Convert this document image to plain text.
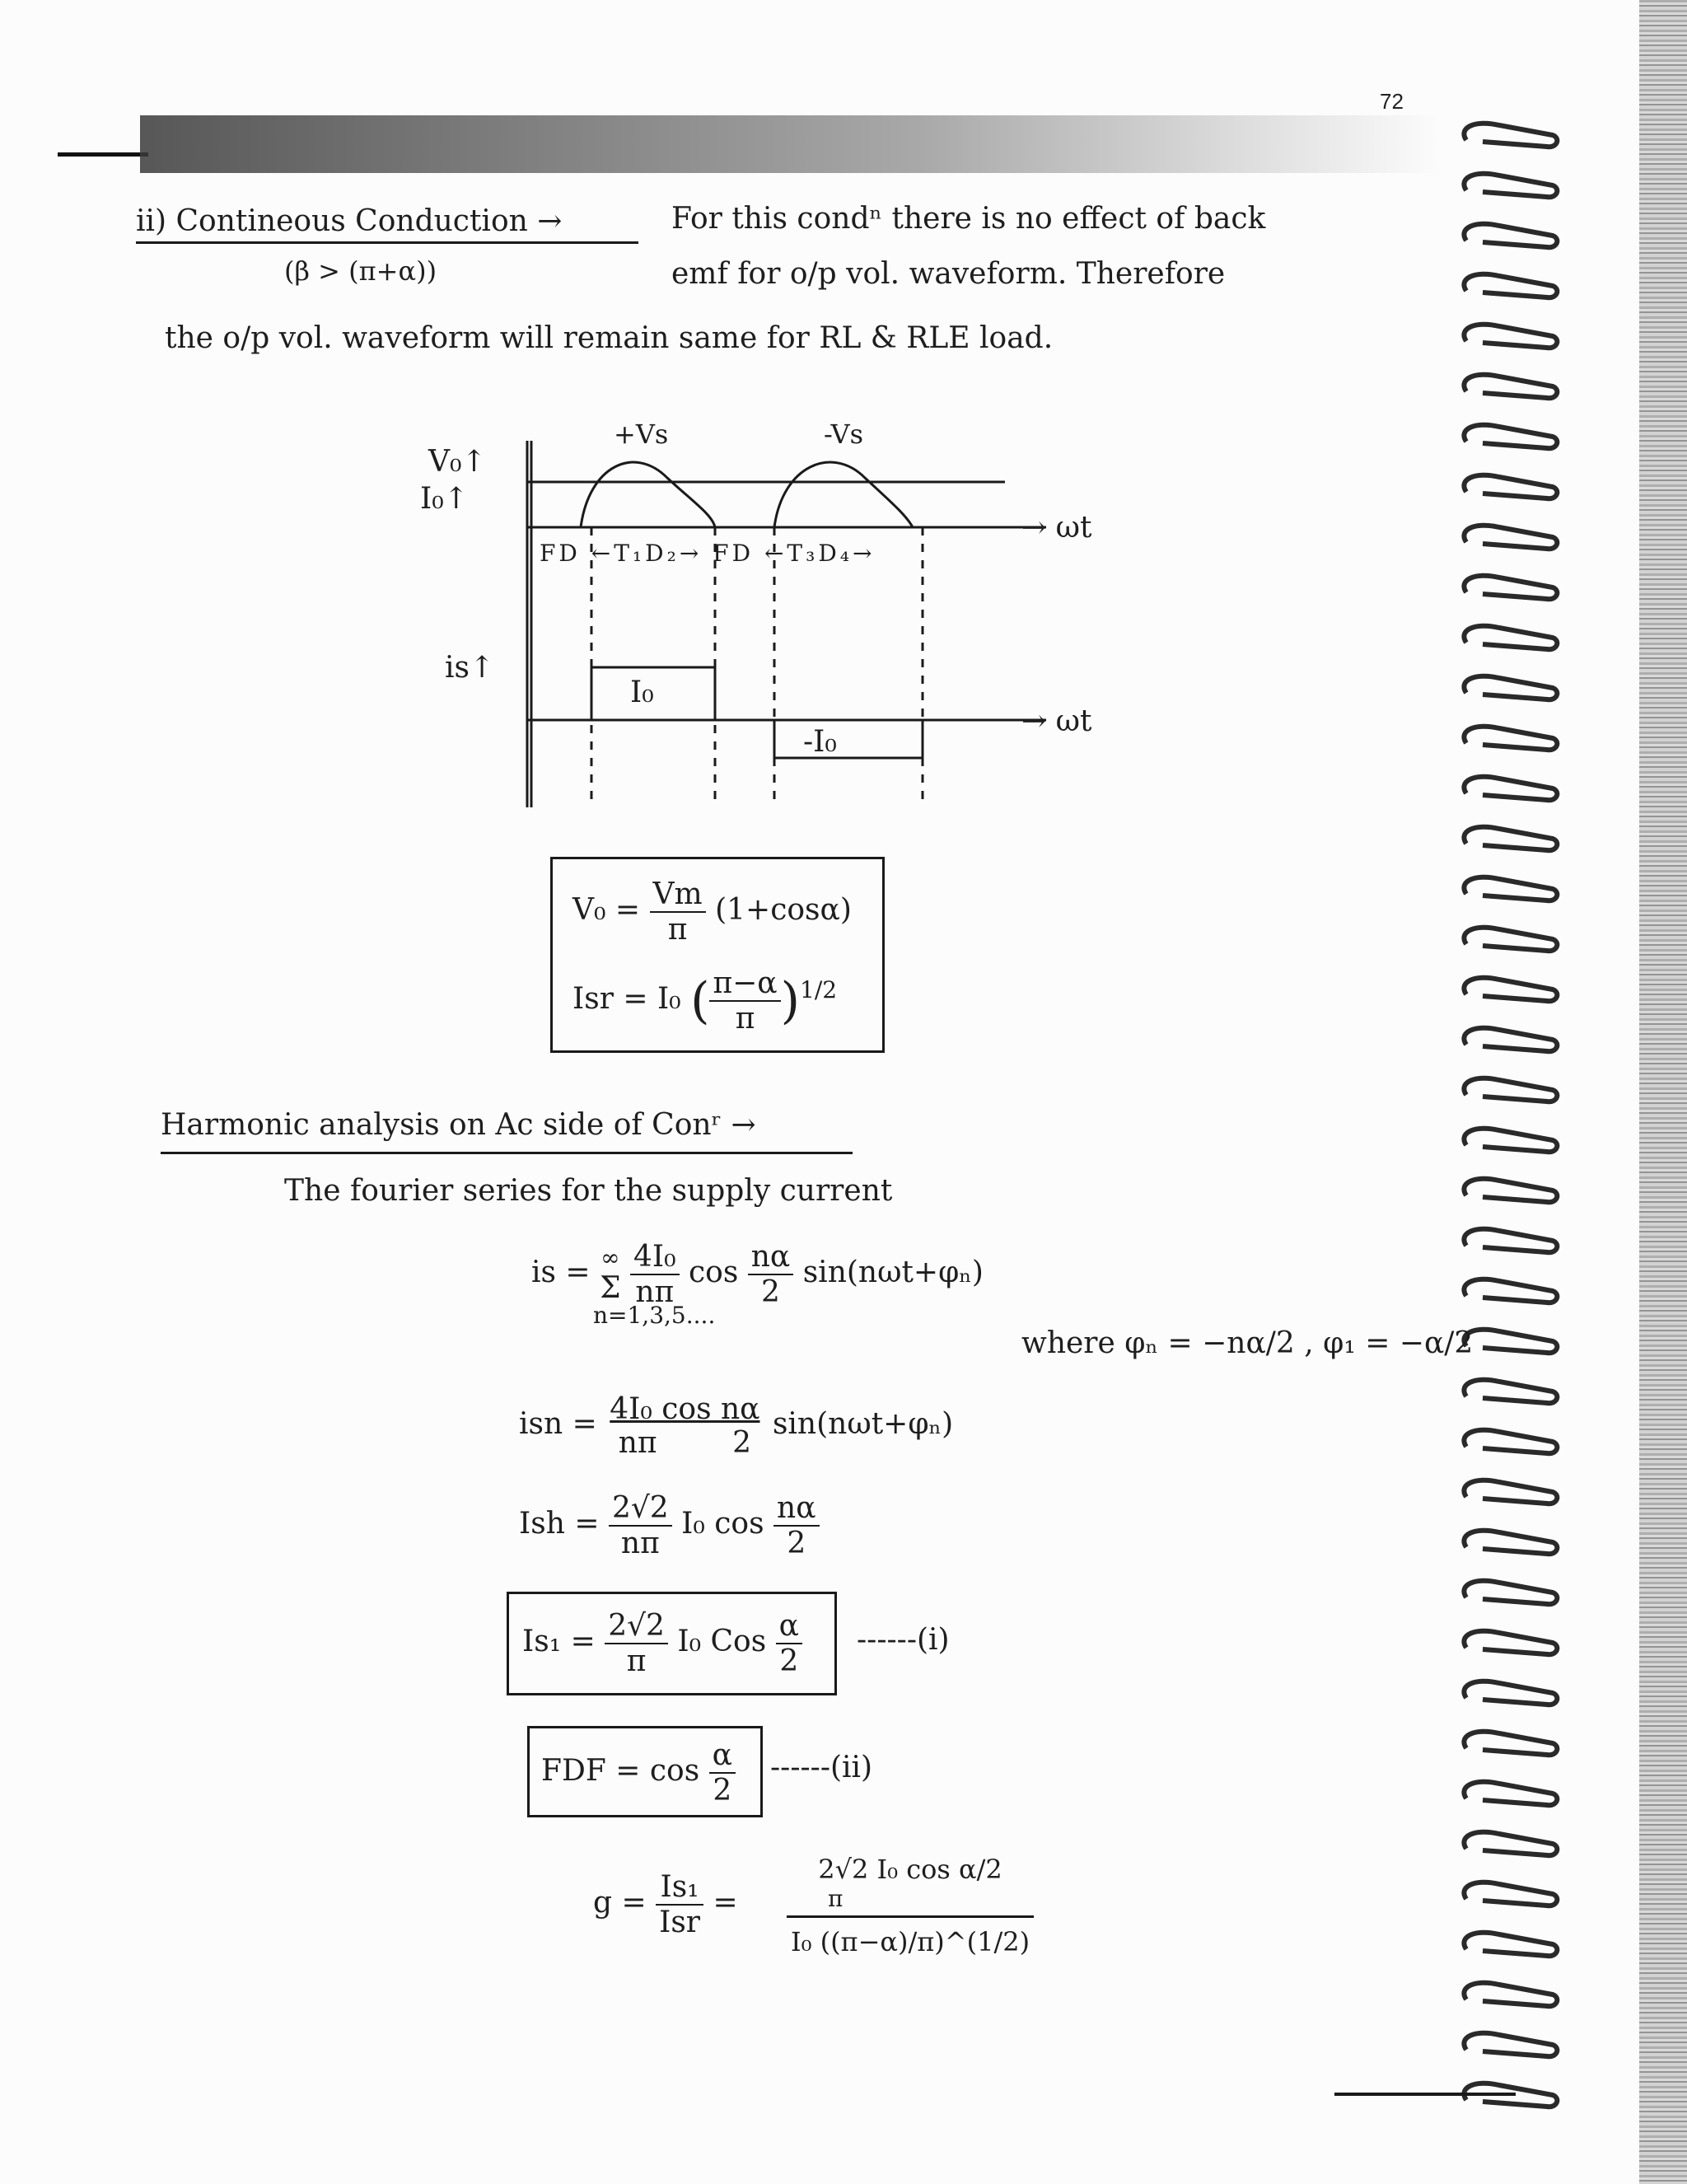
72
ii) Contineous Conduction →
(β > (π+α))
For this condⁿ there is no effect of back
emf for o/p vol. waveform. Therefore
the o/p vol. waveform will remain same for RL & RLE load.
V₀↑
I₀↑
+Vs	-Vs
→ ωt
FD ←T₁D₂→ FD ←T₃D₄→
is↑
I₀
-I₀
→ ωt
$V_0 = \frac{Vm}{\pi} (1+\cos\alpha)$
Isr = I₀ ( $\frac{\pi-\alpha}{\pi} )^{1/2}$
Harmonic analysis on Ac side of Conʳ →
The fourier series for the supply current
is = ∞
Σ
$\frac{\text{4I₀}}{n\pi}$ $\cos \frac{n\alpha}{2} \sin(n\omega t+\varphi_n)$
n=1,3,5....
where φₙ = −nα/2 , φ₁ = −α/2
isn = $\frac{\text{4I₀ cos nα}}{n\pi 2} \sin(n\omega t+\varphi_n)$
Ish = $\frac{2√2}{n\pi} I_0$ $\cos \frac{n\alpha}{2}$
$Is_1 = \frac{2√2}{\pi} I_0$ Cos $\frac{\alpha}{2} ------(i)$
FDF = $\cos \frac{\alpha}{2} ------(ii)$
$g = \frac{\text{Is₁}}{\text{Isr}}$ =
2√2 I₀ cos α/2
π
I₀ ((π−α)/π)^(1/2)
